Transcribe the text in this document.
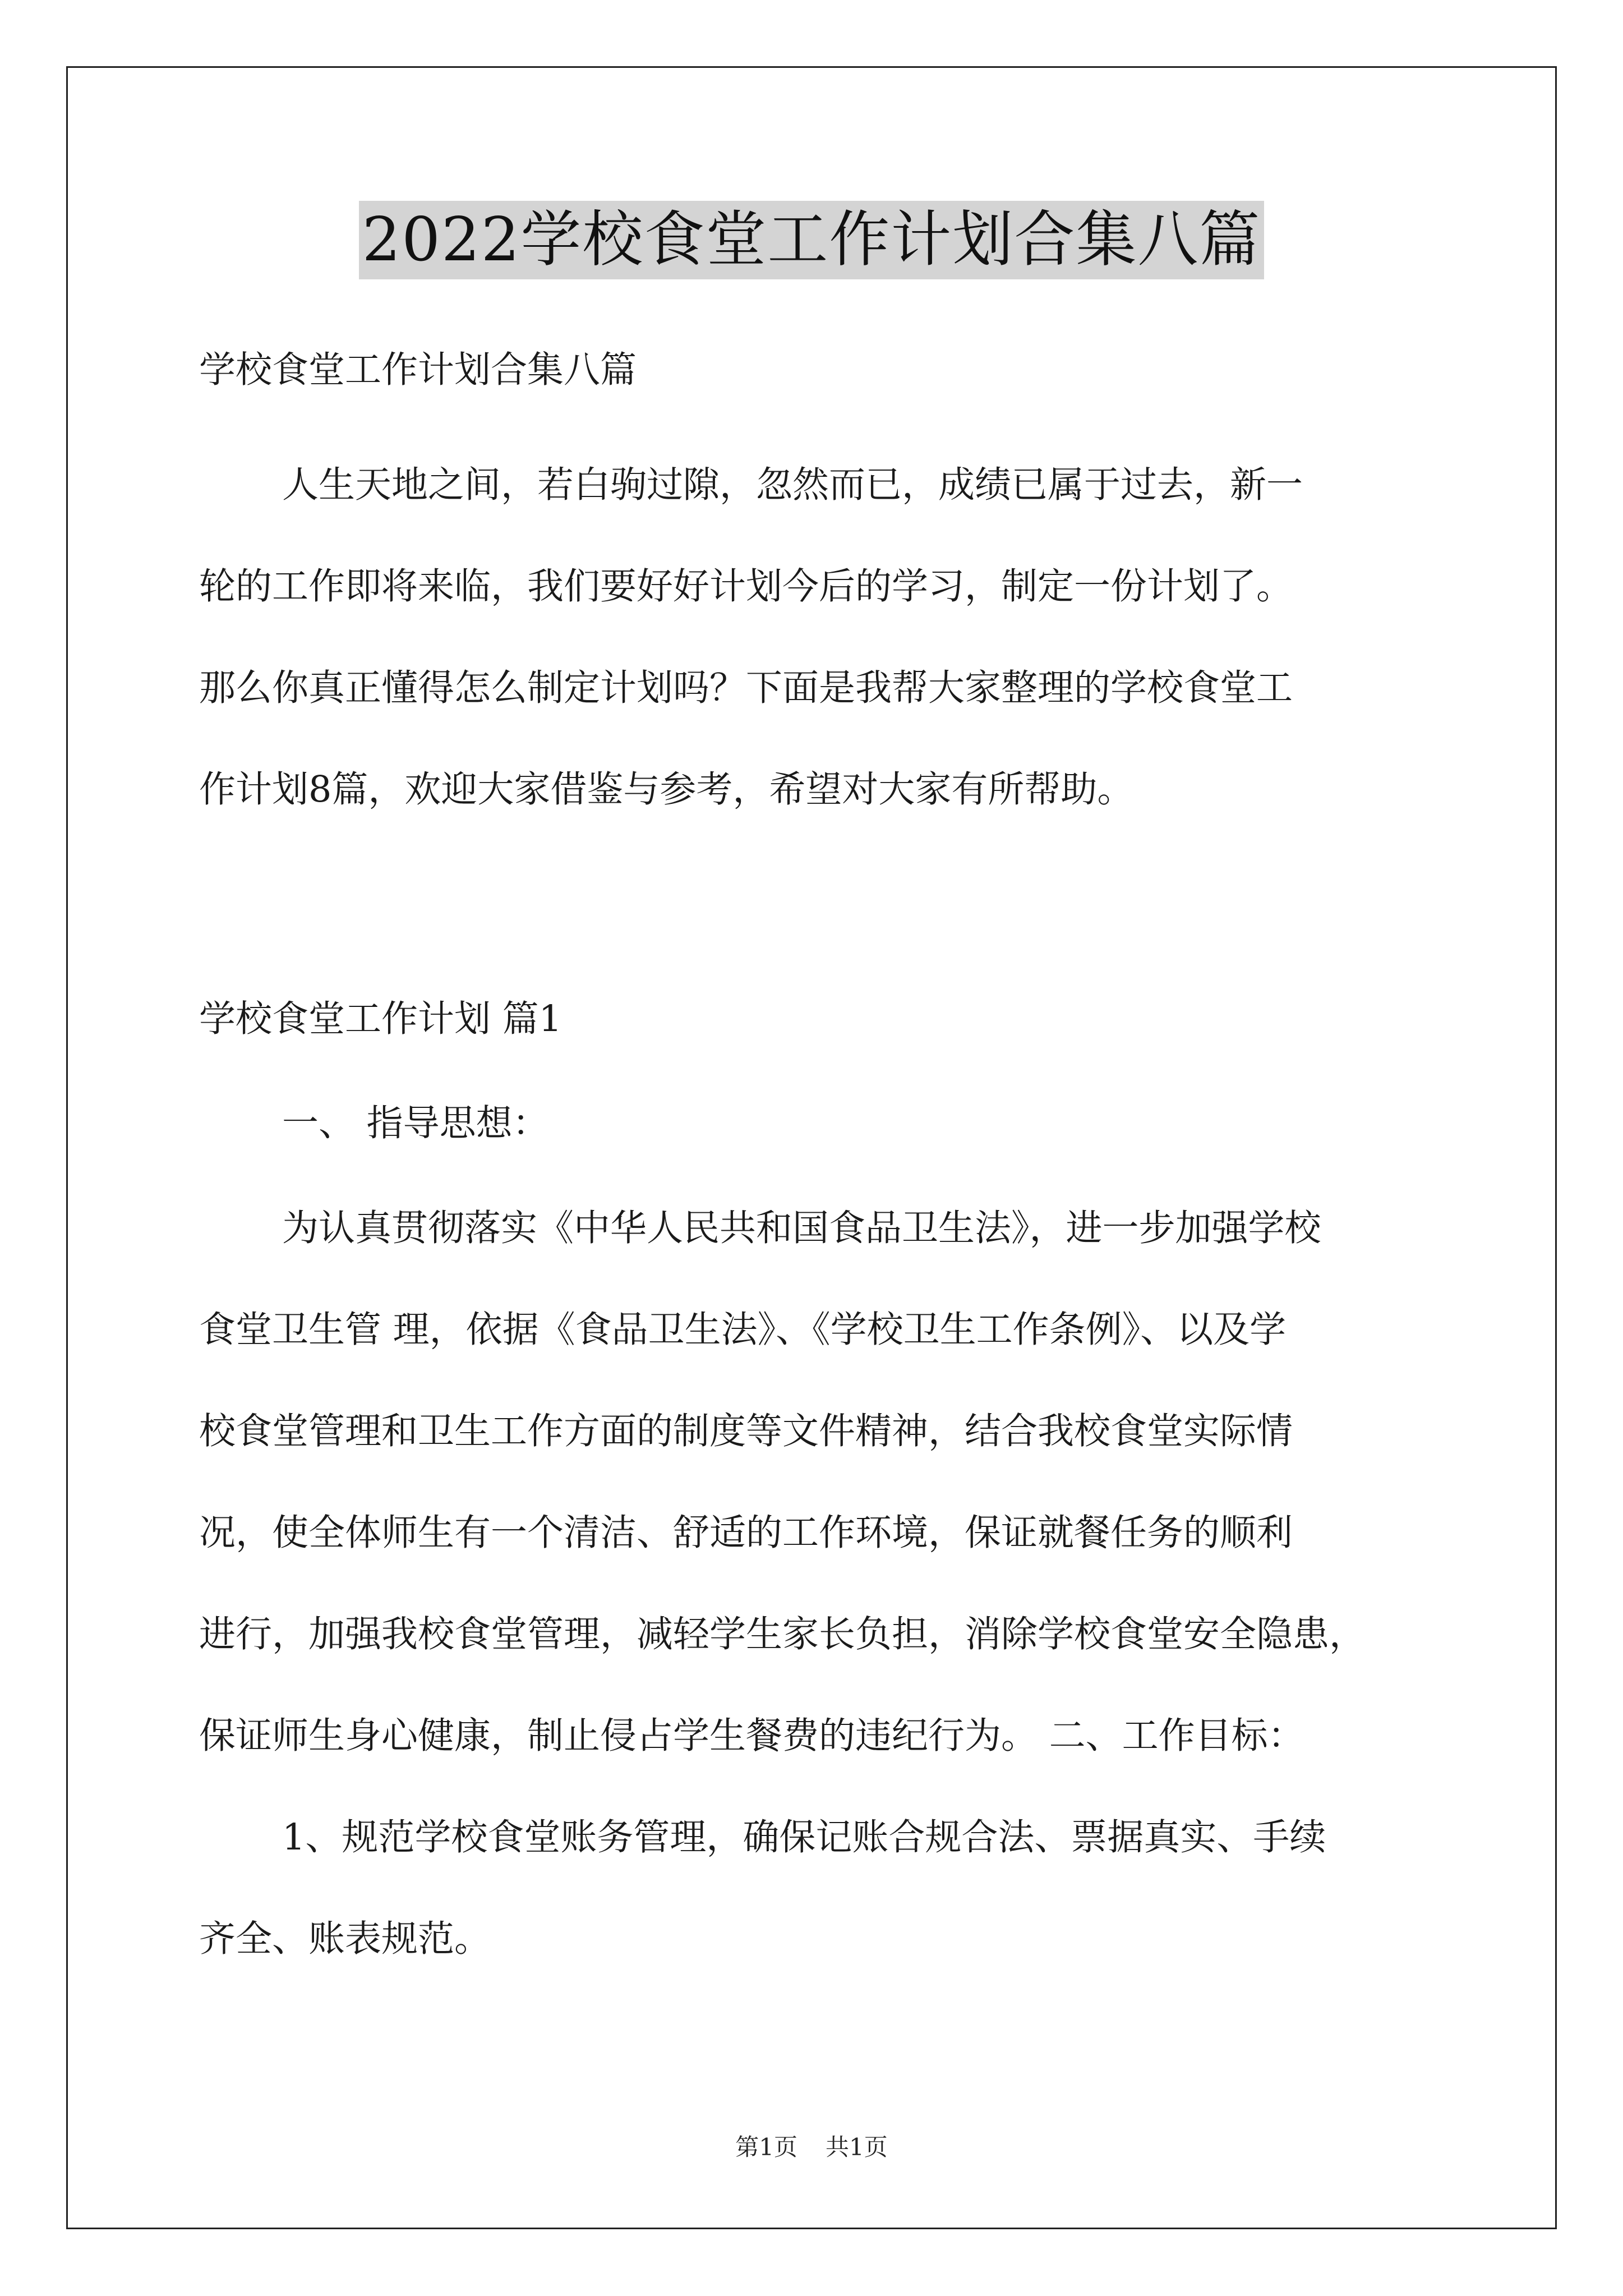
2022学校食堂工作计划合集八篇
学校食堂工作计划合集八篇
人生天地之间，若白驹过隙，忽然而已，成绩已属于过去，新一
轮的工作即将来临，我们要好好计划今后的学习，制定一份计划了。
那么你真正懂得怎么制定计划吗？下面是我帮大家整理的学校食堂工
作计划8篇，欢迎大家借鉴与参考，希望对大家有所帮助。
学校食堂工作计划 篇1
一、 指导思想：
为认真贯彻落实《中华人民共和国食品卫生法》，进一步加强学校
食堂卫生管 理，依据《食品卫生法》、《学校卫生工作条例》、以及学
校食堂管理和卫生工作方面的制度等文件精神，结合我校食堂实际情
况，使全体师生有一个清洁、舒适的工作环境，保证就餐任务的顺利
进行，加强我校食堂管理，减轻学生家长负担，消除学校食堂安全隐患，
保证师生身心健康，制止侵占学生餐费的违纪行为。 二、工作目标：
1、规范学校食堂账务管理，确保记账合规合法、票据真实、手续
齐全、账表规范。
第1页 共1页
